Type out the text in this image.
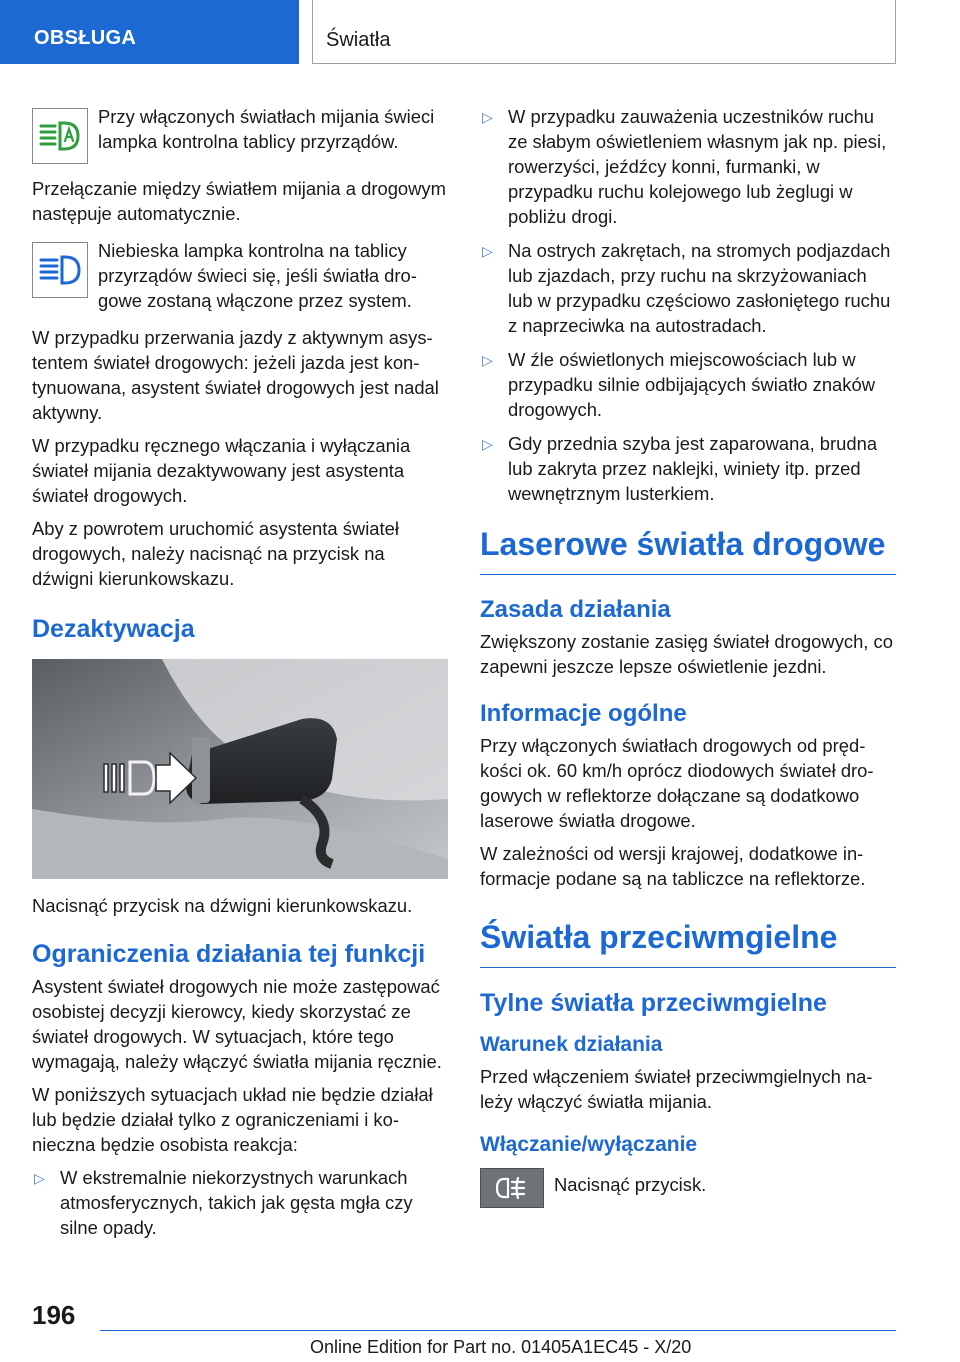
OBSŁUGA	Światła

Przy włączonych światłach mijania świeci lampka kontrolna tablicy przyrządów.

Przełączanie między światłem mijania a drogowym następuje automatycznie.

Niebieska lampka kontrolna na tablicy przyrządów świeci się, jeśli światła drogowe zostaną włączone przez system.

W przypadku przerwania jazdy z aktywnym asystentem świateł drogowych: jeżeli jazda jest kontynuowana, asystent świateł drogowych jest nadal aktywny.

W przypadku ręcznego włączania i wyłączania świateł mijania dezaktywowany jest asystenta świateł drogowych.

Aby z powrotem uruchomić asystenta świateł drogowych, należy nacisnąć na przycisk na dźwigni kierunkowskazu.

Dezaktywacja

Nacisnąć przycisk na dźwigni kierunkowskazu.

Ograniczenia działania tej funkcji

Asystent świateł drogowych nie może zastępować osobistej decyzji kierowcy, kiedy skorzystać ze świateł drogowych. W sytuacjach, które tego wymagają, należy włączyć światła mijania ręcznie.

W poniższych sytuacjach układ nie będzie działał lub będzie działał tylko z ograniczeniami i konieczna będzie osobista reakcja:

▷ W ekstremalnie niekorzystnych warunkach atmosferycznych, takich jak gęsta mgła czy silne opady.
▷ W przypadku zauważenia uczestników ruchu ze słabym oświetleniem własnym jak np. piesi, rowerzyści, jeźdźcy konni, furmanki, w przypadku ruchu kolejowego lub żeglugi w pobliżu drogi.
▷ Na ostrych zakrętach, na stromych podjazdach lub zjazdach, przy ruchu na skrzyżowaniach lub w przypadku częściowo zasłoniętego ruchu z naprzeciwka na autostradach.
▷ W źle oświetlonych miejscowościach lub w przypadku silnie odbijających światło znaków drogowych.
▷ Gdy przednia szyba jest zaparowana, brudna lub zakryta przez naklejki, winiety itp. przed wewnętrznym lusterkiem.
Laserowe światła drogowe
Zasada działania

Zwiększony zostanie zasięg świateł drogowych, co zapewni jeszcze lepsze oświetlenie jezdni.

Informacje ogólne

Przy włączonych światłach drogowych od prędkości ok. 60 km/h oprócz diodowych świateł drogowych w reflektorze dołączane są dodatkowo laserowe światła drogowe.

W zależności od wersji krajowej, dodatkowe informacje podane są na tabliczce na reflektorze.

Światła przeciwmgielne
Tylne światła przeciwmgielne
Warunek działania

Przed włączeniem świateł przeciwmgielnych należy włączyć światła mijania.

Włączanie/wyłączanie

Nacisnąć przycisk.

196
Online Edition for Part no. 01405A1EC45 - X/20
